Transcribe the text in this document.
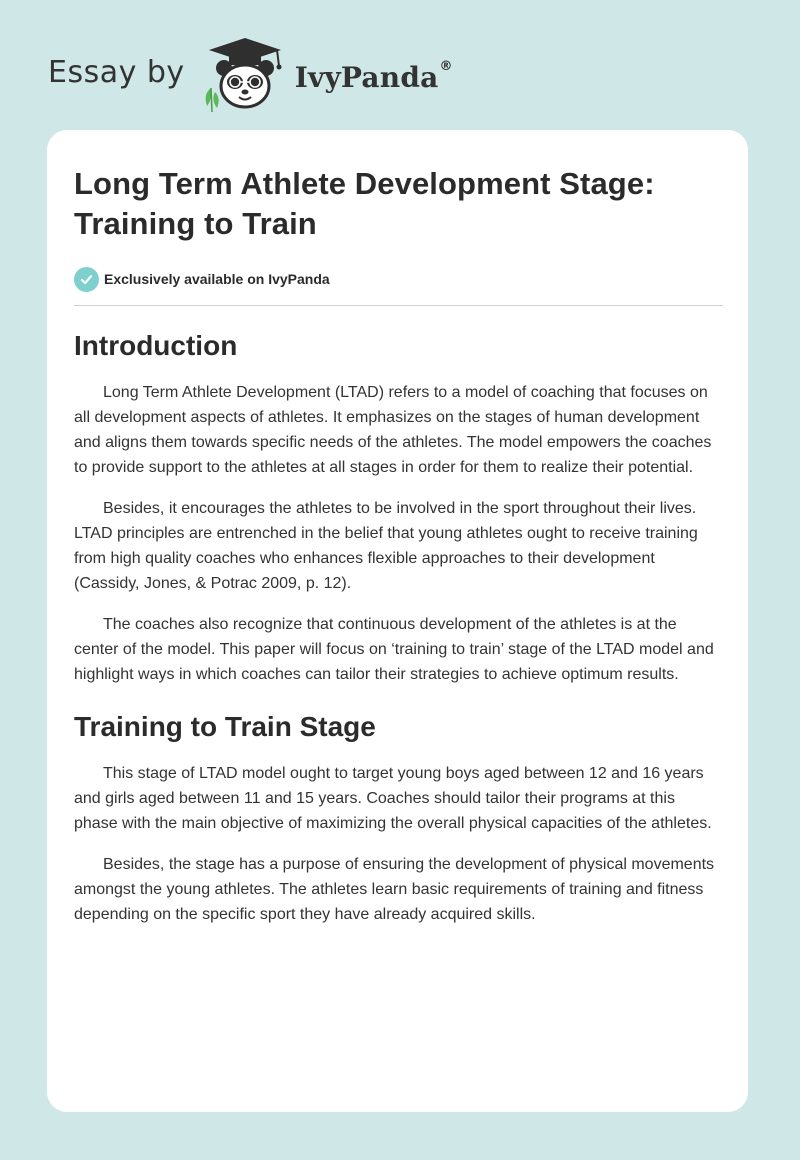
Essay by	IvyPanda®
Long Term Athlete Development Stage: Training to Train
Exclusively available on IvyPanda
Introduction

Long Term Athlete Development (LTAD) refers to a model of coaching that focuses on all development aspects of athletes. It emphasizes on the stages of human development and aligns them towards specific needs of the athletes. The model empowers the coaches to provide support to the athletes at all stages in order for them to realize their potential.

Besides, it encourages the athletes to be involved in the sport throughout their lives. LTAD principles are entrenched in the belief that young athletes ought to receive training from high quality coaches who enhances flexible approaches to their development (Cassidy, Jones, & Potrac 2009, p. 12).

The coaches also recognize that continuous development of the athletes is at the center of the model. This paper will focus on ‘training to train’ stage of the LTAD model and highlight ways in which coaches can tailor their strategies to achieve optimum results.

Training to Train Stage

This stage of LTAD model ought to target young boys aged between 12 and 16 years and girls aged between 11 and 15 years. Coaches should tailor their programs at this phase with the main objective of maximizing the overall physical capacities of the athletes.

Besides, the stage has a purpose of ensuring the development of physical movements amongst the young athletes. The athletes learn basic requirements of training and fitness depending on the specific sport they have already acquired skills.
